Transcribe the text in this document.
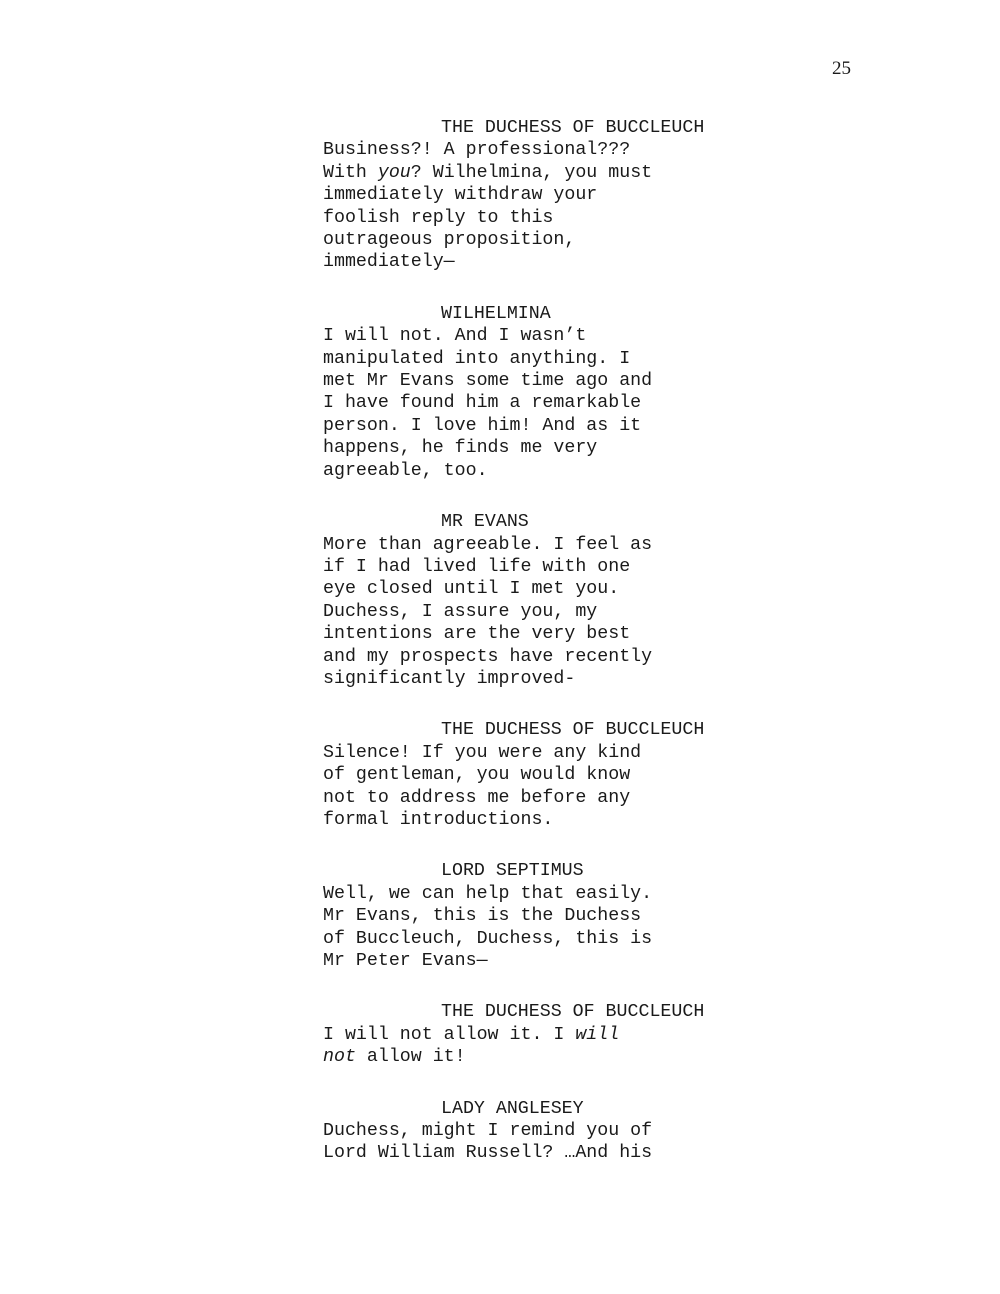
25
THE DUCHESS OF BUCCLEUCH
Business?! A professional???
With you? Wilhelmina, you must
immediately withdraw your
foolish reply to this
outrageous proposition,
immediately—
WILHELMINA
I will not. And I wasn’t
manipulated into anything. I
met Mr Evans some time ago and
I have found him a remarkable
person. I love him! And as it
happens, he finds me very
agreeable, too.
MR EVANS
More than agreeable. I feel as
if I had lived life with one
eye closed until I met you.
Duchess, I assure you, my
intentions are the very best
and my prospects have recently
significantly improved-
THE DUCHESS OF BUCCLEUCH
Silence! If you were any kind
of gentleman, you would know
not to address me before any
formal introductions.
LORD SEPTIMUS
Well, we can help that easily.
Mr Evans, this is the Duchess
of Buccleuch, Duchess, this is
Mr Peter Evans—
THE DUCHESS OF BUCCLEUCH
I will not allow it. I will
not allow it!
LADY ANGLESEY
Duchess, might I remind you of
Lord William Russell? …And his
